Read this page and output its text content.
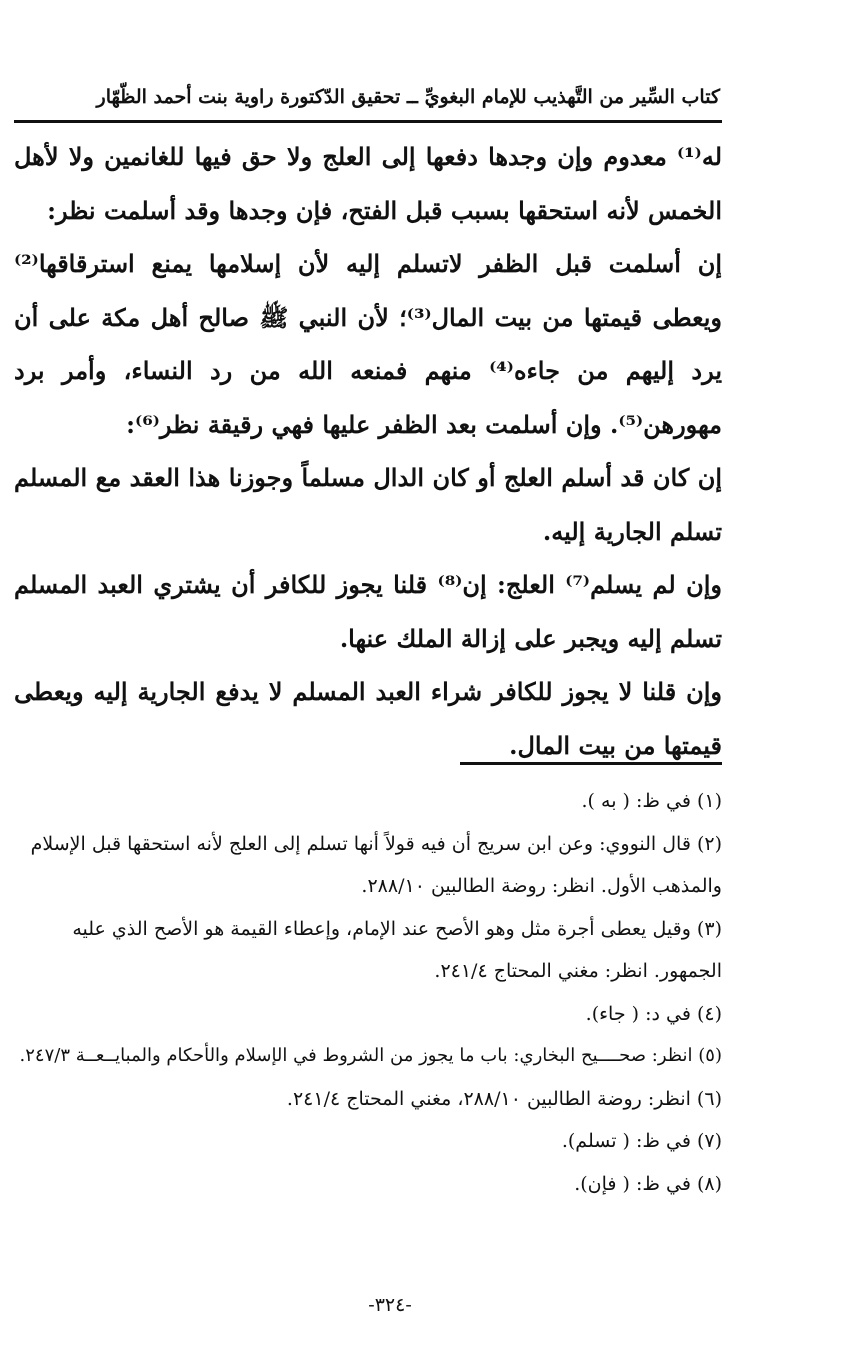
كتاب السِّير من التَّهذيب للإمام البغويِّ ــ تحقيق الدّكتورة راوية بنت أحمد الظّهّار

له⁽¹⁾ معدوم وإن وجدها دفعها إلى العلج ولا حق فيها للغانمين ولا لأهل الخمس لأنه استحقها بسبب قبل الفتح، فإن وجدها وقد أسلمت نظر:

إن أسلمت قبل الظفر لاتسلم إليه لأن إسلامها يمنع استرقاقها⁽²⁾ ويعطى قيمتها من بيت المال⁽³⁾؛ لأن النبي ﷺ صالح أهل مكة على أن يرد إليهم من جاءه⁽⁴⁾ منهم فمنعه الله من رد النساء، وأمر برد مهورهن⁽⁵⁾. وإن أسلمت بعد الظفر عليها فهي رقيقة نظر⁽⁶⁾:

إن كان قد أسلم العلج أو كان الدال مسلماً وجوزنا هذا العقد مع المسلم تسلم الجارية إليه.

وإن لم يسلم⁽⁷⁾ العلج: إن⁽⁸⁾ قلنا يجوز للكافر أن يشتري العبد المسلم تسلم إليه ويجبر على إزالة الملك عنها.

وإن قلنا لا يجوز للكافر شراء العبد المسلم لا يدفع الجارية إليه ويعطى قيمتها من بيت المال.

(١) في ظ: ( به ).

(٢) قال النووي: وعن ابن سريج أن فيه قولاً أنها تسلم إلى العلج لأنه استحقها قبل الإسلام والمذهب الأول. انظر: روضة الطالبين ٢٨٨/١٠.

(٣) وقيل يعطى أجرة مثل وهو الأصح عند الإمام، وإعطاء القيمة هو الأصح الذي عليه الجمهور. انظر: مغني المحتاج ٢٤١/٤.

(٤) في د: ( جاء).

(٥) انظر: صحــــيح البخاري: باب ما يجوز من الشروط في الإسلام والأحكام والمبايــعــة ٢٤٧/٣.

(٦) انظر: روضة الطالبين ٢٨٨/١٠، مغني المحتاج ٢٤١/٤.

(٧) في ظ: ( تسلم).

(٨) في ظ: ( فإن).

-٣٢٤-
